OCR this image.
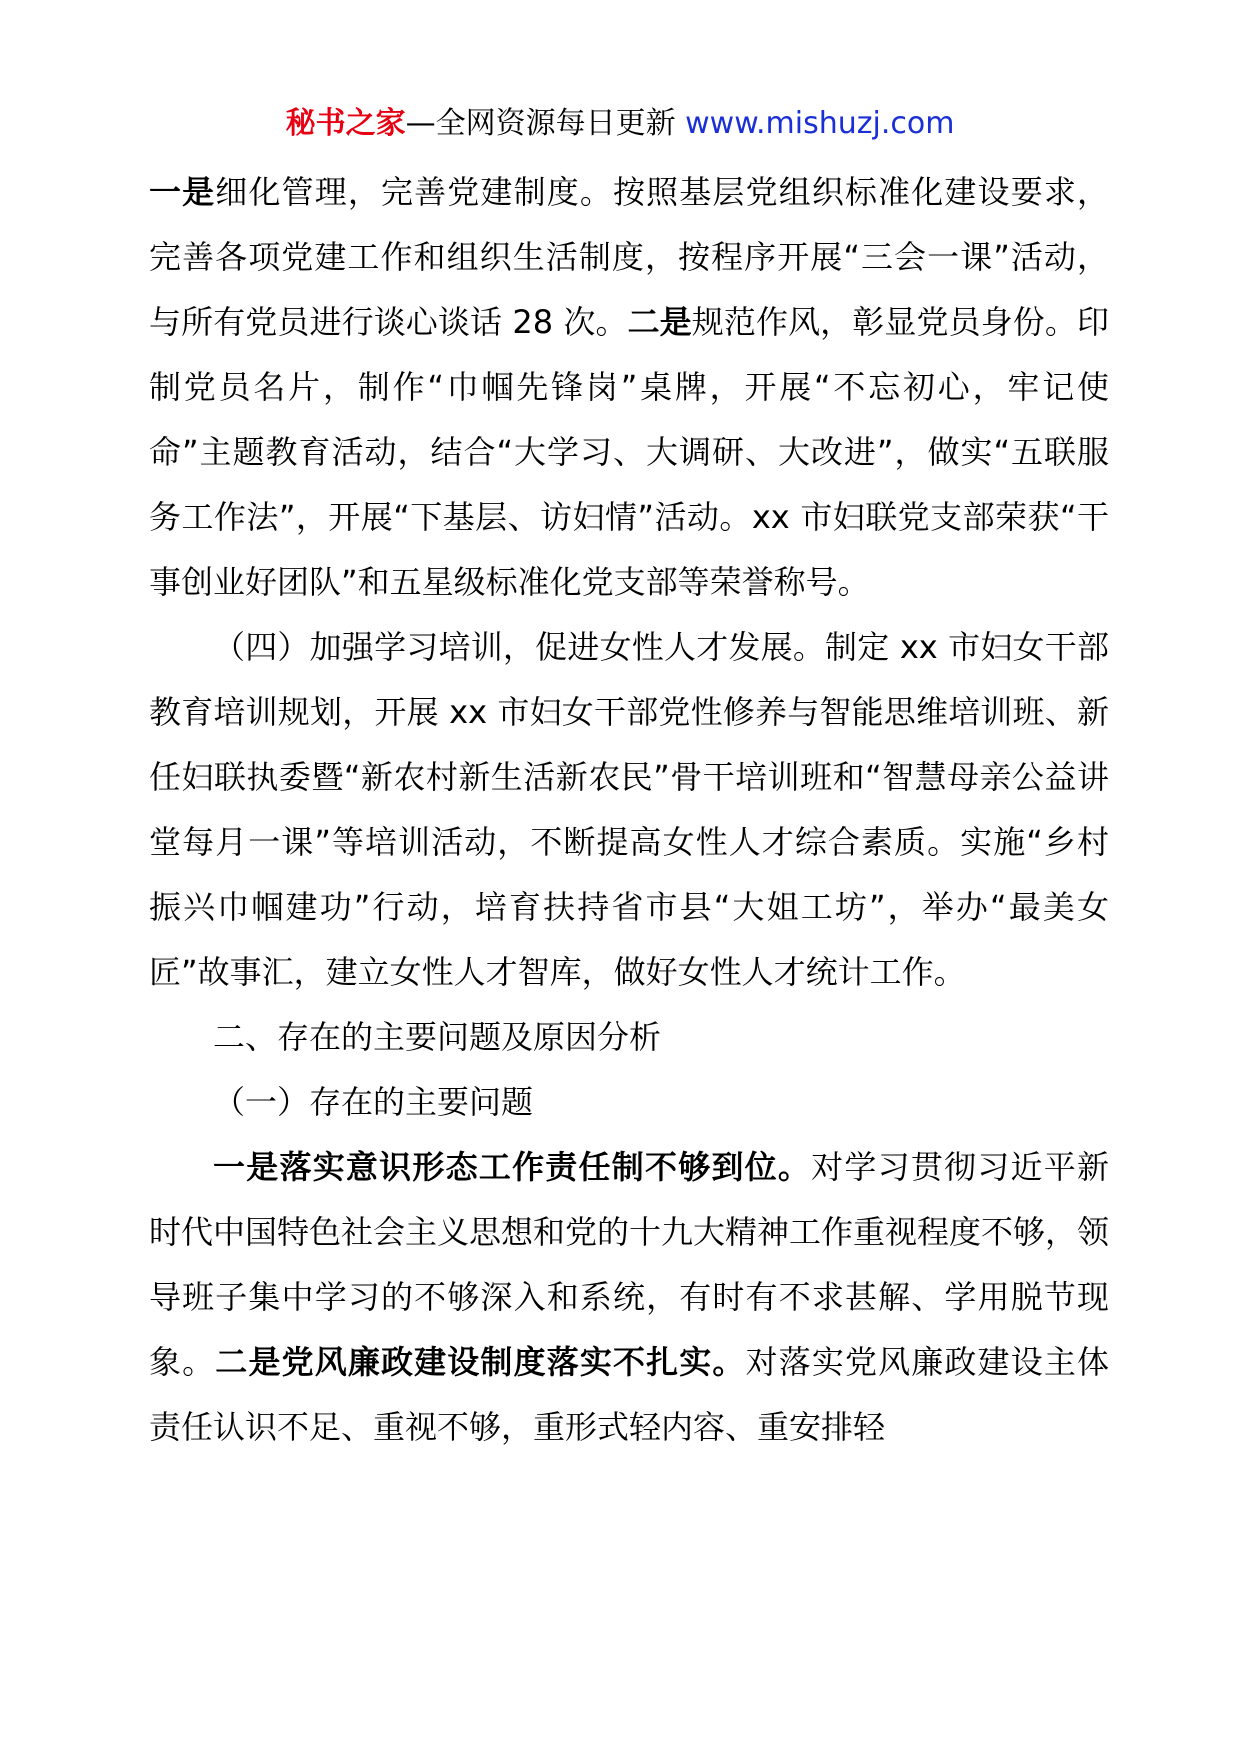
秘书之家—全网资源每日更新 www.mishuzj.com

一是细化管理，完善党建制度。按照基层党组织标准化建设要求，完善各项党建工作和组织生活制度，按程序开展“三会一课”活动，与所有党员进行谈心谈话 28 次。二是规范作风，彰显党员身份。印制党员名片，制作“巾帼先锋岗”桌牌，开展“不忘初心，牢记使命”主题教育活动，结合“大学习、大调研、大改进”，做实“五联服务工作法”，开展“下基层、访妇情”活动。xx 市妇联党支部荣获“干事创业好团队”和五星级标准化党支部等荣誉称号。

（四）加强学习培训，促进女性人才发展。制定 xx 市妇女干部教育培训规划，开展 xx 市妇女干部党性修养与智能思维培训班、新任妇联执委暨“新农村新生活新农民”骨干培训班和“智慧母亲公益讲堂每月一课”等培训活动，不断提高女性人才综合素质。实施“乡村振兴巾帼建功”行动，培育扶持省市县“大姐工坊”，举办“最美女匠”故事汇，建立女性人才智库，做好女性人才统计工作。

二、存在的主要问题及原因分析

（一）存在的主要问题

一是落实意识形态工作责任制不够到位。对学习贯彻习近平新时代中国特色社会主义思想和党的十九大精神工作重视程度不够，领导班子集中学习的不够深入和系统，有时有不求甚解、学用脱节现象。二是党风廉政建设制度落实不扎实。对落实党风廉政建设主体责任认识不足、重视不够，重形式轻内容、重安排轻
